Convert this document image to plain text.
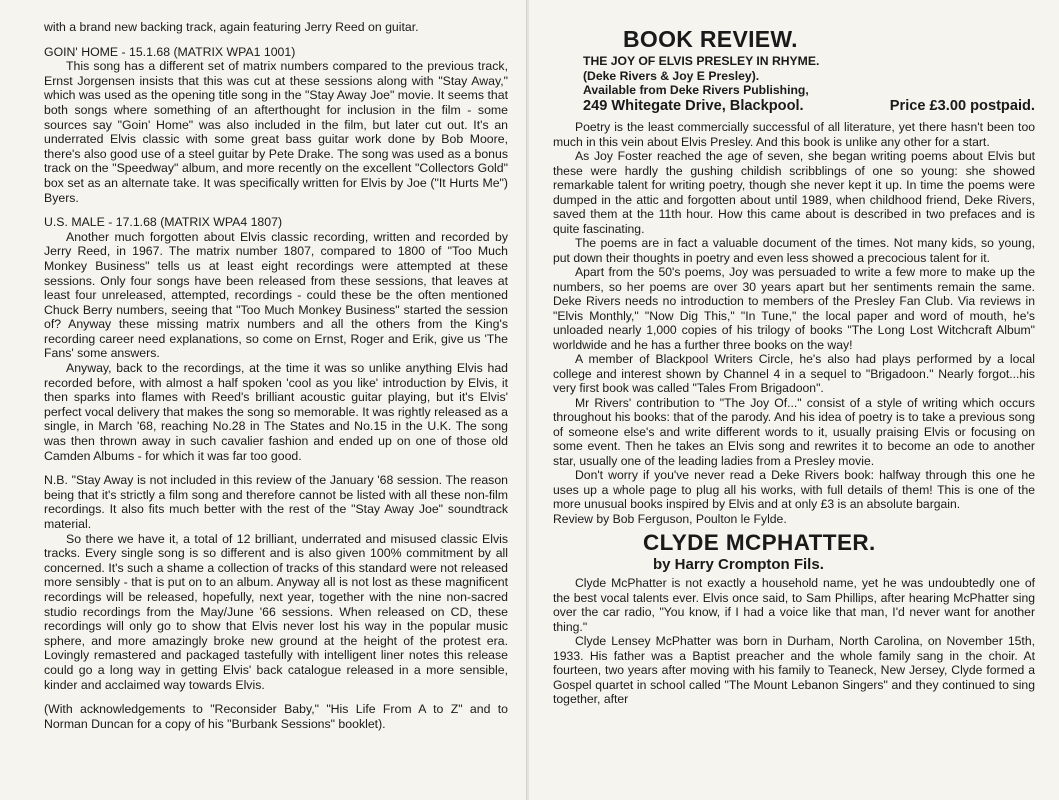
with a brand new backing track, again featuring Jerry Reed on guitar.

GOIN' HOME - 15.1.68 (MATRIX WPA1 1001)

This song has a different set of matrix numbers compared to the previous track, Ernst Jorgensen insists that this was cut at these sessions along with "Stay Away," which was used as the opening title song in the "Stay Away Joe" movie. It seems that both songs where something of an afterthought for inclusion in the film - some sources say "Goin' Home" was also included in the film, but later cut out. It's an underrated Elvis classic with some great bass guitar work done by Bob Moore, there's also good use of a steel guitar by Pete Drake. The song was used as a bonus track on the "Speedway" album, and more recently on the excellent "Collectors Gold" box set as an alternate take. It was specifically written for Elvis by Joe ("It Hurts Me") Byers.

U.S. MALE - 17.1.68 (MATRIX WPA4 1807)

Another much forgotten about Elvis classic recording, written and recorded by Jerry Reed, in 1967. The matrix number 1807, compared to 1800 of "Too Much Monkey Business" tells us at least eight recordings were attempted at these sessions. Only four songs have been released from these sessions, that leaves at least four unreleased, attempted, recordings - could these be the often mentioned Chuck Berry numbers, seeing that "Too Much Monkey Business" started the session of? Anyway these missing matrix numbers and all the others from the King's recording career need explanations, so come on Ernst, Roger and Erik, give us 'The Fans' some answers.

Anyway, back to the recordings, at the time it was so unlike anything Elvis had recorded before, with almost a half spoken 'cool as you like' introduction by Elvis, it then sparks into flames with Reed's brilliant acoustic guitar playing, but it's Elvis' perfect vocal delivery that makes the song so memorable. It was rightly released as a single, in March '68, reaching No.28 in The States and No.15 in the U.K. The song was then thrown away in such cavalier fashion and ended up on one of those old Camden Albums - for which it was far too good.

N.B. "Stay Away is not included in this review of the January '68 session. The reason being that it's strictly a film song and therefore cannot be listed with all these non-film recordings. It also fits much better with the rest of the "Stay Away Joe" soundtrack material.

So there we have it, a total of 12 brilliant, underrated and misused classic Elvis tracks. Every single song is so different and is also given 100% commitment by all concerned. It's such a shame a collection of tracks of this standard were not released more sensibly - that is put on to an album. Anyway all is not lost as these magnificent recordings will be released, hopefully, next year, together with the nine non-sacred studio recordings from the May/June '66 sessions. When released on CD, these recordings will only go to show that Elvis never lost his way in the popular music sphere, and more amazingly broke new ground at the height of the protest era. Lovingly remastered and packaged tastefully with intelligent liner notes this release could go a long way in getting Elvis' back catalogue released in a more sensible, kinder and acclaimed way towards Elvis.

(With acknowledgements to "Reconsider Baby," "His Life From A to Z" and to Norman Duncan for a copy of his "Burbank Sessions" booklet).

BOOK REVIEW.

THE JOY OF ELVIS PRESLEY IN RHYME.

(Deke Rivers & Joy E Presley).

Available from Deke Rivers Publishing,

249 Whitegate Drive, Blackpool.	Price £3.00 postpaid.

Poetry is the least commercially successful of all literature, yet there hasn't been too much in this vein about Elvis Presley. And this book is unlike any other for a start.

As Joy Foster reached the age of seven, she began writing poems about Elvis but these were hardly the gushing childish scribblings of one so young: she showed remarkable talent for writing poetry, though she never kept it up. In time the poems were dumped in the attic and forgotten about until 1989, when childhood friend, Deke Rivers, saved them at the 11th hour. How this came about is described in two prefaces and is quite fascinating.

The poems are in fact a valuable document of the times. Not many kids, so young, put down their thoughts in poetry and even less showed a precocious talent for it.

Apart from the 50's poems, Joy was persuaded to write a few more to make up the numbers, so her poems are over 30 years apart but her sentiments remain the same. Deke Rivers needs no introduction to members of the Presley Fan Club. Via reviews in "Elvis Monthly," "Now Dig This," "In Tune," the local paper and word of mouth, he's unloaded nearly 1,000 copies of his trilogy of books "The Long Lost Witchcraft Album" worldwide and he has a further three books on the way!

A member of Blackpool Writers Circle, he's also had plays performed by a local college and interest shown by Channel 4 in a sequel to "Brigadoon." Nearly forgot...his very first book was called "Tales From Brigadoon".

Mr Rivers' contribution to "The Joy Of..." consist of a style of writing which occurs throughout his books: that of the parody. And his idea of poetry is to take a previous song of someone else's and write different words to it, usually praising Elvis or focusing on some event. Then he takes an Elvis song and rewrites it to become an ode to another star, usually one of the leading ladies from a Presley movie.

Don't worry if you've never read a Deke Rivers book: halfway through this one he uses up a whole page to plug all his works, with full details of them! This is one of the more unusual books inspired by Elvis and at only £3 is an absolute bargain.

Review by Bob Ferguson, Poulton le Fylde.

CLYDE MCPHATTER.
by Harry Crompton Fils.

Clyde McPhatter is not exactly a household name, yet he was undoubtedly one of the best vocal talents ever. Elvis once said, to Sam Phillips, after hearing McPhatter sing over the car radio, "You know, if I had a voice like that man, I'd never want for another thing."

Clyde Lensey McPhatter was born in Durham, North Carolina, on November 15th, 1933. His father was a Baptist preacher and the whole family sang in the choir. At fourteen, two years after moving with his family to Teaneck, New Jersey, Clyde formed a Gospel quartet in school called "The Mount Lebanon Singers" and they continued to sing together, after
